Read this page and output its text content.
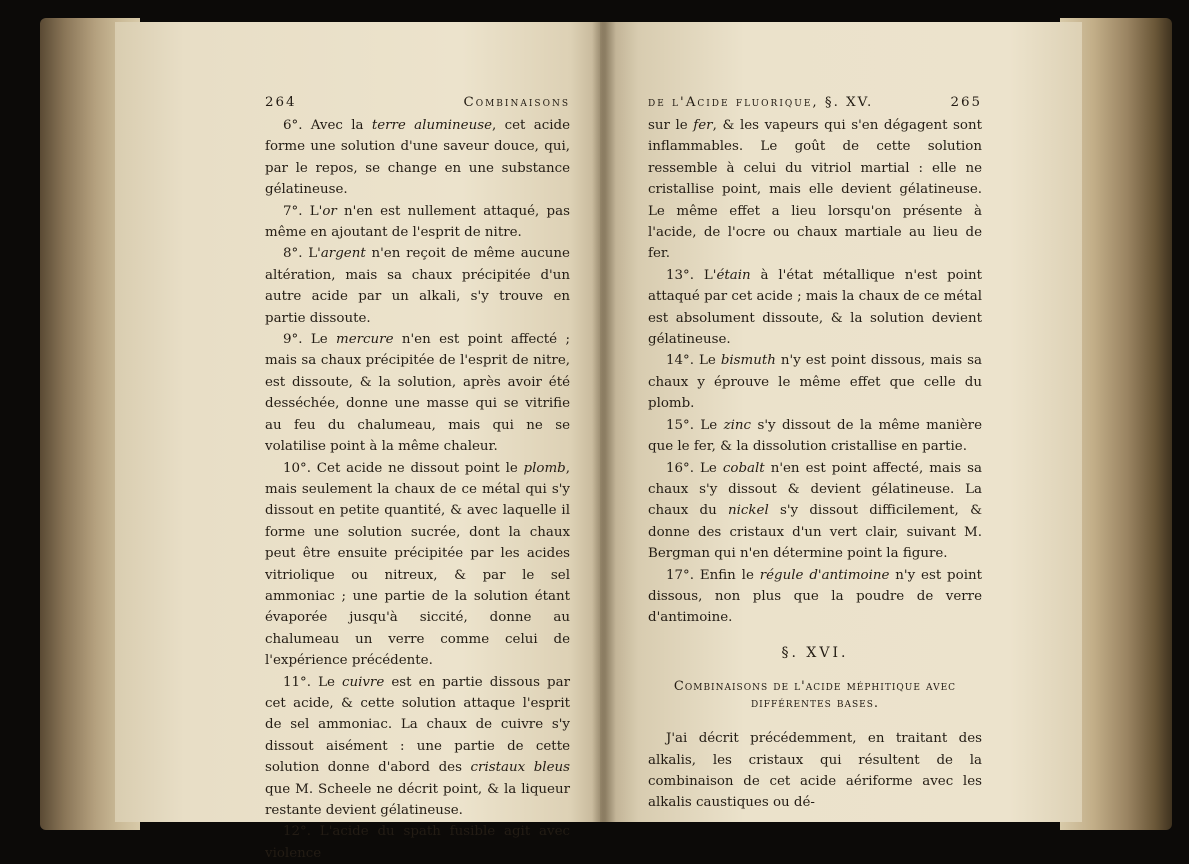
264	Combinaisons

6°. Avec la terre alumineuse, cet acide forme une solution d'une saveur douce, qui, par le repos, se change en une substance gélatineuse.

7°. L'or n'en est nullement attaqué, pas même en ajoutant de l'esprit de nitre.

8°. L'argent n'en reçoit de même aucune altération, mais sa chaux précipitée d'un autre acide par un alkali, s'y trouve en partie dissoute.

9°. Le mercure n'en est point affecté ; mais sa chaux précipitée de l'esprit de nitre, est dissoute, & la solution, après avoir été desséchée, donne une masse qui se vitrifie au feu du chalumeau, mais qui ne se volatilise point à la même chaleur.

10°. Cet acide ne dissout point le plomb, mais seulement la chaux de ce métal qui s'y dissout en petite quantité, & avec laquelle il forme une solution sucrée, dont la chaux peut être ensuite précipitée par les acides vitriolique ou nitreux, & par le sel ammoniac ; une partie de la solution étant évaporée jusqu'à siccité, donne au chalumeau un verre comme celui de l'expérience précédente.

11°. Le cuivre est en partie dissous par cet acide, & cette solution attaque l'esprit de sel ammoniac. La chaux de cuivre s'y dissout aisément : une partie de cette solution donne d'abord des cristaux bleus que M. Scheele ne décrit point, & la liqueur restante devient gélatineuse.

12°. L'acide du spath fusible agit avec violence

de l'Acide fluorique, §. XV.	265

sur le fer, & les vapeurs qui s'en dégagent sont inflammables. Le goût de cette solution ressemble à celui du vitriol martial : elle ne cristallise point, mais elle devient gélatineuse. Le même effet a lieu lorsqu'on présente à l'acide, de l'ocre ou chaux martiale au lieu de fer.

13°. L'étain à l'état métallique n'est point attaqué par cet acide ; mais la chaux de ce métal est absolument dissoute, & la solution devient gélatineuse.

14°. Le bismuth n'y est point dissous, mais sa chaux y éprouve le même effet que celle du plomb.

15°. Le zinc s'y dissout de la même manière que le fer, & la dissolution cristallise en partie.

16°. Le cobalt n'en est point affecté, mais sa chaux s'y dissout & devient gélatineuse. La chaux du nickel s'y dissout difficilement, & donne des cristaux d'un vert clair, suivant M. Bergman qui n'en détermine point la figure.

17°. Enfin le régule d'antimoine n'y est point dissous, non plus que la poudre de verre d'antimoine.

§. XVI.
Combinaisons de l'acide méphitique avec différentes bases.

J'ai décrit précédemment, en traitant des alkalis, les cristaux qui résultent de la combinaison de cet acide aériforme avec les alkalis caustiques ou dé-
